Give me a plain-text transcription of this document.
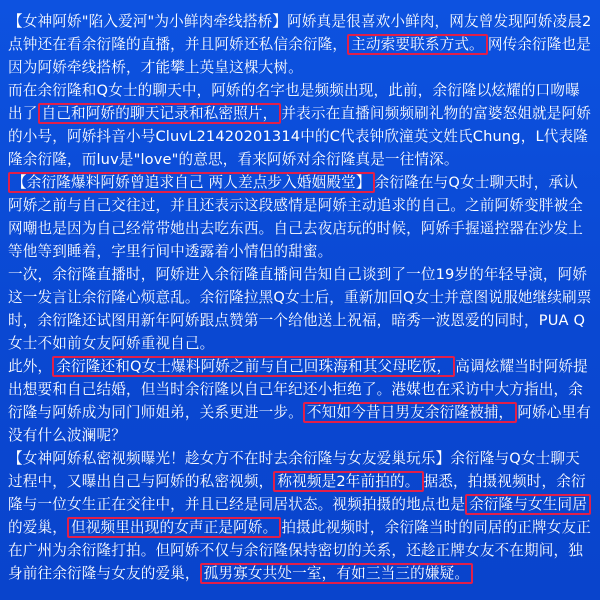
【女神阿娇"陷入爱河"为小鲜肉牵线搭桥】阿娇真是很喜欢小鲜肉，网友曾发现阿娇凌晨2点钟还在看余衍隆的直播，并且阿娇还私信余衍隆， 主动索要联系方式。 网传余衍隆也是因为阿娇牵线搭桥，才能攀上英皇这棵大树。

而在余衍隆和Q女士的聊天中，阿娇的名字也是频频出现，此前，余衍隆以炫耀的口吻曝出了 自己和阿娇的聊天记录和私密照片， 并表示在直播间频频刷礼物的富婆怒姐就是阿娇的小号，阿娇抖音小号CluvL21420201314中的C代表钟欣潼英文姓氏Chung，L代表隆隆余衍隆，而luv是"love"的意思，看来阿娇对余衍隆真是一往情深。

【余衍隆爆料阿娇曾追求自己 两人差点步入婚姻殿堂】 余衍隆在与Q女士聊天时，承认阿娇之前与自己交往过，并且还表示这段感情是阿娇主动追求的自己。之前阿娇变胖被全网嘲也是因为自己经常带她出去吃东西。自己去夜店玩的时候，阿娇手握遥控器在沙发上等他等到睡着，字里行间中透露着小情侣的甜蜜。

一次，余衍隆直播时，阿娇进入余衍隆直播间告知自己谈到了一位19岁的年轻导演，阿娇这一发言让余衍隆心烦意乱。余衍隆拉黑Q女士后，重新加回Q女士并意图说服她继续刷票时，余衍隆还试图用新年阿娇跟点赞第一个给他送上祝福，暗秀一波恩爱的同时，PUA Q女士不如前女友阿娇重视自己。

此外， 余衍隆还和Q女士爆料阿娇之前与自己回珠海和其父母吃饭， 高调炫耀当时阿娇提出想要和自己结婚，但当时余衍隆以自己年纪还小拒绝了。港媒也在采访中大方指出，余衍隆与阿娇成为同门师姐弟，关系更进一步。 不知如今昔日男友余衍隆被捕， 阿娇心里有没有什么波澜呢？

【女神阿娇私密视频曝光！趁女方不在时去余衍隆与女友爱巢玩乐】余衍隆与Q女士聊天过程中，又曝出自己与阿娇的私密视频， 称视频是2年前拍的。 据悉，拍摄视频时，余衍隆与一位女生正在交往中，并且已经是同居状态。视频拍摄的地点也是 余衍隆与女生同居的爱巢， 但视频里出现的女声正是阿娇。 拍摄此视频时，余衍隆当时的同居的正牌女友正在广州为余衍隆打拍。但阿娇不仅与余衍隆保持密切的关系，还趁正牌女友不在期间，独身前往余衍隆与女友的爱巢， 孤男寡女共处一室，有如三当三的嫌疑。
